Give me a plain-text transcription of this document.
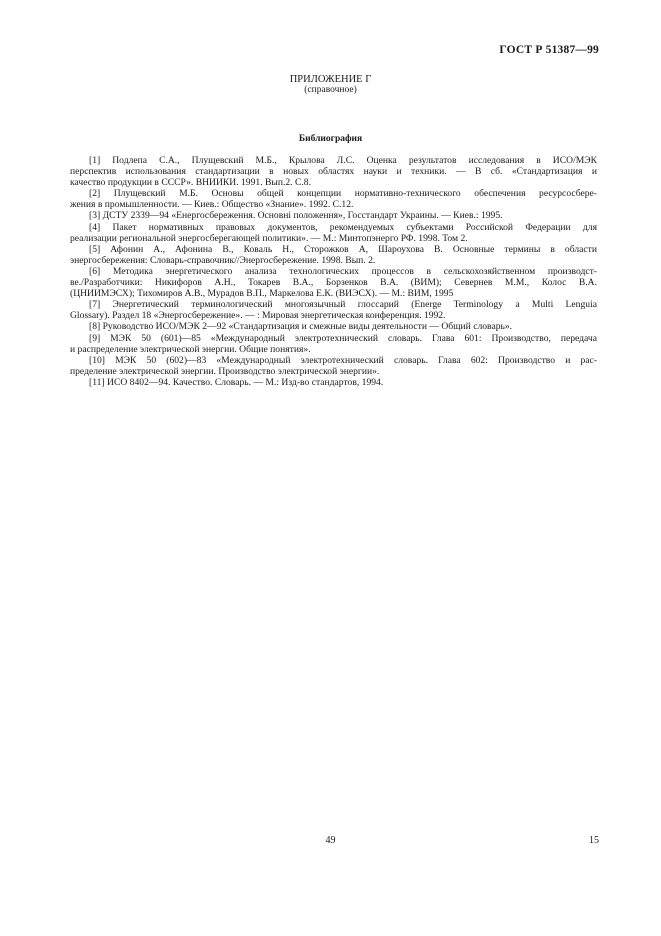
ГОСТ Р 51387—99
ПРИЛОЖЕНИЕ Г
(справочное)
Библиография
[1] Подлепа С.А., Плущевский М.Б., Крылова Л.С. Оценка результатов исследования в ИСО/МЭК
перспектив использования стандартизации в новых областях науки и техники. — В сб. «Стандартизация и
качество продукции в СССР». ВНИИКИ. 1991. Вып.2. С.8.
[2] Плущевский М.Б. Основы общей концепции нормативно-технического обеспечения ресурсосбере-
жения в промышленности. — Киев.: Общество «Знание». 1992. С.12.
[3] ДСТУ 2339—94 «Енергосбереження. Основнi положення», Госстандарт Украины. — Киев.: 1995.
[4] Пакет нормативных правовых документов, рекомендуемых субъектами Российской Федерации для
реализации региональной энергосберегающей политики». — М.: Минтопэнерго РФ. 1998. Том 2.
[5] Афонин А., Афонина В., Коваль Н., Сторожков А, Шароухова В. Основные термины в области
энергосбережения: Словарь-справочник//Энергосбережение. 1998. Вып. 2.
[6] Методика энергетического анализа технологических процессов в сельскохозяйственном производст-
ве./Разработчики: Никифоров А.Н., Токарев В.А., Борзенков В.А. (ВИМ); Севернев М.М., Колос В.А.
(ЦНИИМЭСХ); Тихомиров А.В., Мурадов В.П., Маркелова Е.К. (ВИЭСХ). — М.: ВИМ, 1995
[7] Энергетический терминологический многоязычный глоссарий (Energe Terminology a Multi Lenguia
Glossary). Раздел 18 «Энергосбережение». — : Мировая энергетическая конференция. 1992.
[8] Руководство ИСО/МЭК 2—92 «Стандартизация и смежные виды деятельности — Общий словарь».
[9] МЭК 50 (601)—85 «Международный электротехнический словарь. Глава 601: Производство, передача
и распределение электрической энергии. Общие понятия».
[10] МЭК 50 (602)—83 «Международный электротехнический словарь. Глава 602: Производство и рас-
пределение электрической энергии. Производство электрической энергии».
[11] ИСО 8402—94. Качество. Словарь. — М.: Изд-во стандартов, 1994.
49	15
